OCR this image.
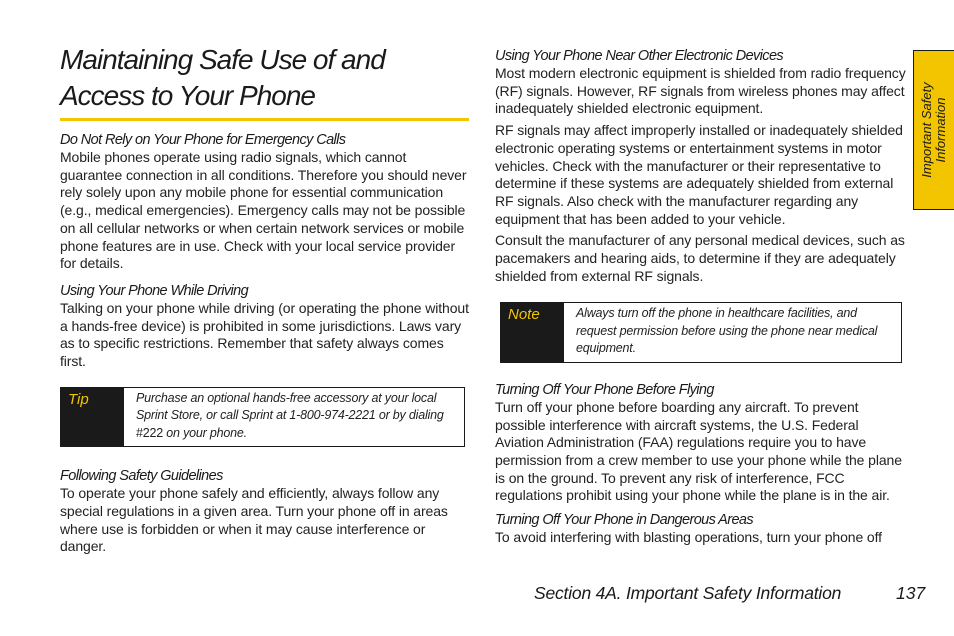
Maintaining Safe Use of and
Access to Your Phone

Do Not Rely on Your Phone for Emergency Calls

Mobile phones operate using radio signals, which cannot guarantee connection in all conditions. Therefore you should never rely solely upon any mobile phone for essential communication (e.g., medical emergencies). Emergency calls may not be possible on all cellular networks or when certain network services or mobile phone features are in use. Check with your local service provider for details.

Using Your Phone While Driving

Talking on your phone while driving (or operating the phone without a hands-free device) is prohibited in some jurisdictions. Laws vary as to specific restrictions. Remember that safety always comes first.

Tip	Purchase an optional hands-free accessory at your local Sprint Store, or call Sprint at 1-800-974-2221 or by dialing #222 on your phone.

Following Safety Guidelines

To operate your phone safely and efficiently, always follow any special regulations in a given area. Turn your phone off in areas where use is forbidden or when it may cause interference or danger.

Using Your Phone Near Other Electronic Devices

Most modern electronic equipment is shielded from radio frequency (RF) signals. However, RF signals from wireless phones may affect inadequately shielded electronic equipment.

RF signals may affect improperly installed or inadequately shielded electronic operating systems or entertainment systems in motor vehicles. Check with the manufacturer or their representative to determine if these systems are adequately shielded from external RF signals. Also check with the manufacturer regarding any equipment that has been added to your vehicle.

Consult the manufacturer of any personal medical devices, such as pacemakers and hearing aids, to determine if they are adequately shielded from external RF signals.

Note	Always turn off the phone in healthcare facilities, and request permission before using the phone near medical equipment.

Turning Off Your Phone Before Flying

Turn off your phone before boarding any aircraft. To prevent possible interference with aircraft systems, the U.S. Federal Aviation Administration (FAA) regulations require you to have permission from a crew member to use your phone while the plane is on the ground. To prevent any risk of interference, FCC regulations prohibit using your phone while the plane is in the air.

Turning Off Your Phone in Dangerous Areas

To avoid interfering with blasting operations, turn your phone off

Important Safety Information
Section 4A. Important Safety Information	137
